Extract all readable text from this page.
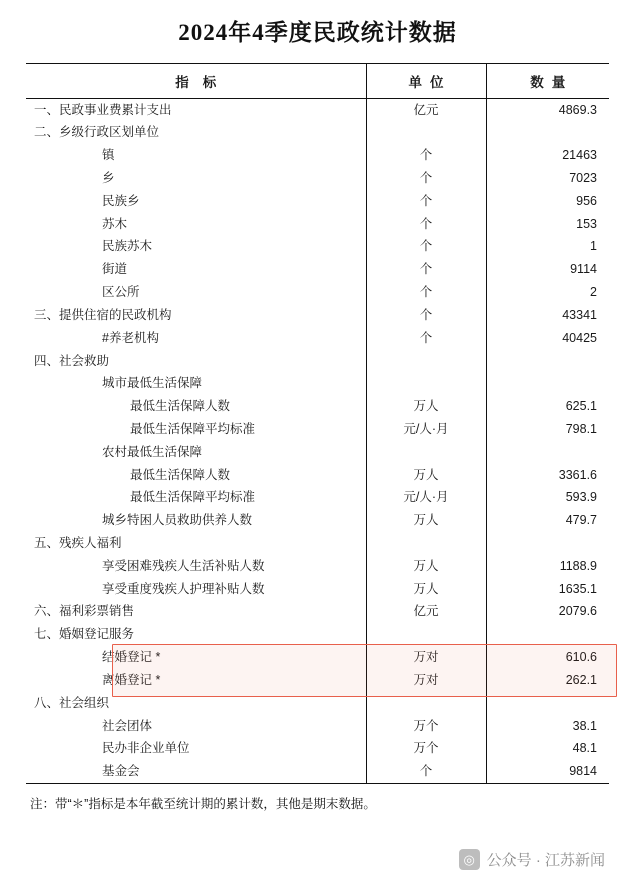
2024年4季度民政统计数据
指标	单位	数量
一、民政事业费累计支出	亿元	4869.3
二、乡级行政区划单位		
镇	个	21463
乡	个	7023
民族乡	个	956
苏木	个	153
民族苏木	个	1
街道	个	9114
区公所	个	2
三、提供住宿的民政机构	个	43341
#养老机构	个	40425
四、社会救助		
城市最低生活保障		
最低生活保障人数	万人	625.1
最低生活保障平均标准	元/人·月	798.1
农村最低生活保障		
最低生活保障人数	万人	3361.6
最低生活保障平均标准	元/人·月	593.9
城乡特困人员救助供养人数	万人	479.7
五、残疾人福利		
享受困难残疾人生活补贴人数	万人	1188.9
享受重度残疾人护理补贴人数	万人	1635.1
六、福利彩票销售	亿元	2079.6
七、婚姻登记服务		
结婚登记 *	万对	610.6
离婚登记 *	万对	262.1
八、社会组织		
社会团体	万个	38.1
民办非企业单位	万个	48.1
基金会	个	9814
注：带“＊”指标是本年截至统计期的累计数，其他是期末数据。
◎ 公众号 · 江苏新闻
